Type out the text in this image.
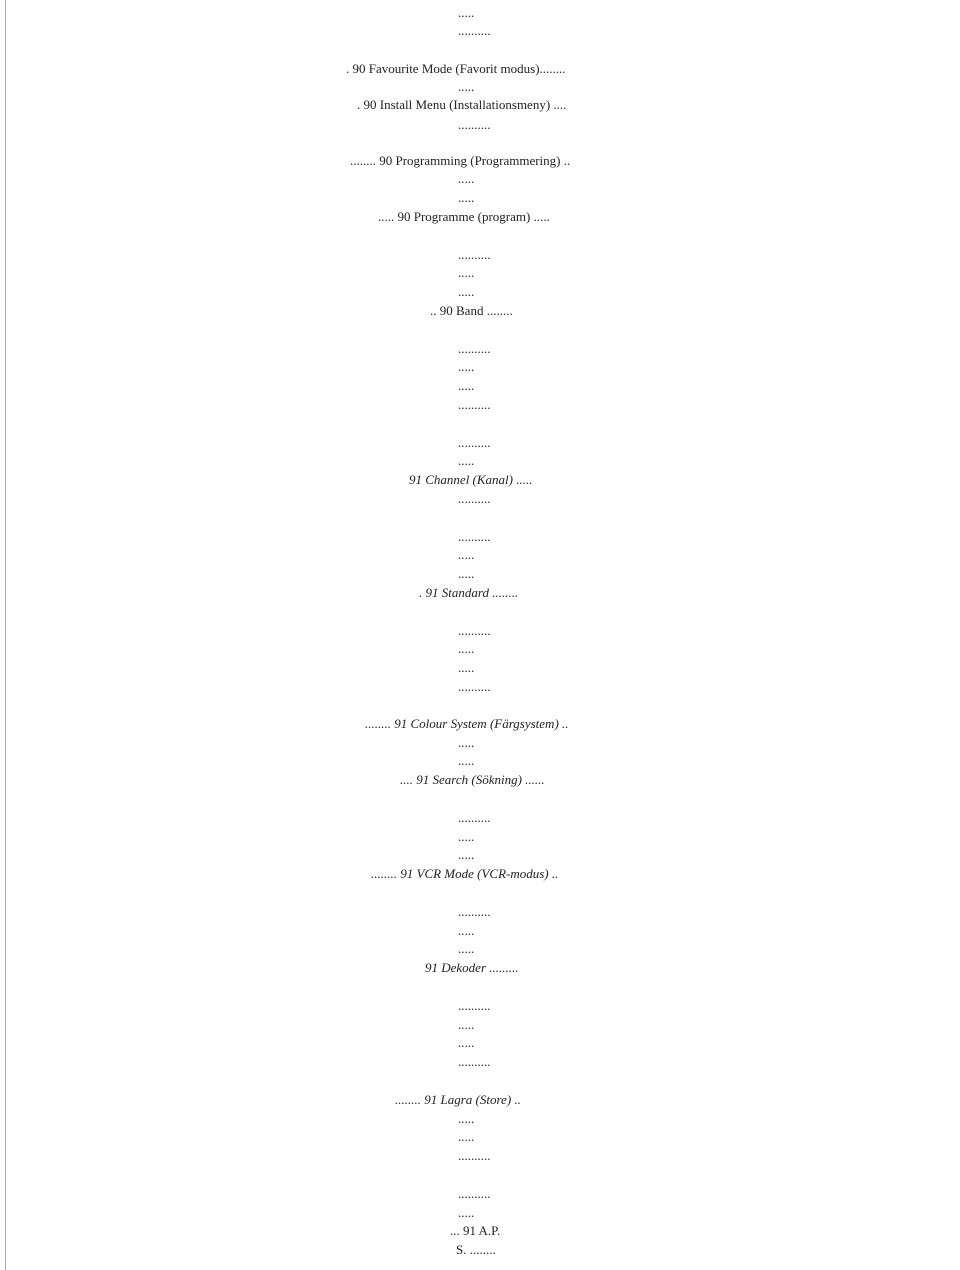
.....
..........
. 90 Favourite Mode (Favorit modus)........
.....
. 90 Install Menu (Installationsmeny) ....
..........
........ 90 Programming (Programmering) ..
.....
.....
..... 90 Programme (program) .....
..........
.....
.....
.. 90 Band ........
..........
.....
.....
..........
..........
.....
91 Channel (Kanal) .....
..........
..........
.....
.....
. 91 Standard ........
..........
.....
.....
..........
........ 91 Colour System (Färgsystem) ..
.....
.....
.... 91 Search (Sökning) ......
..........
.....
.....
........ 91 VCR Mode (VCR-modus) ..
..........
.....
.....
91 Dekoder .........
..........
.....
.....
..........
........ 91 Lagra (Store) ..
.....
.....
..........
..........
.....
... 91 A.P.
S. ........
